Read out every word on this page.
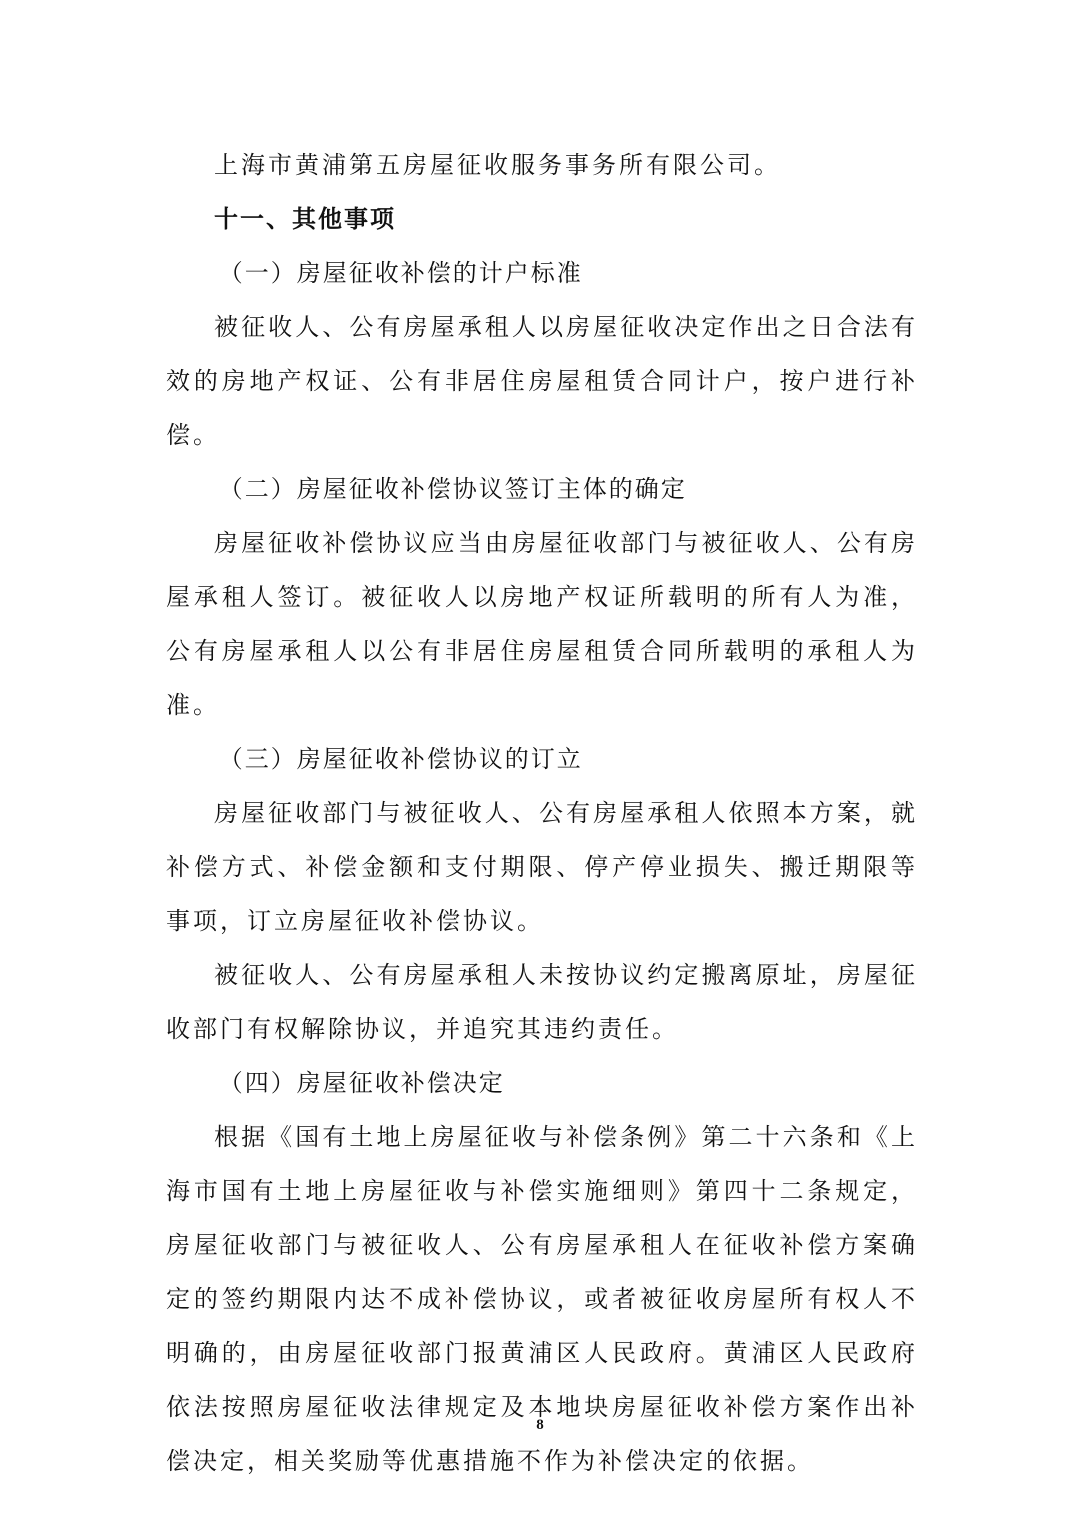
上海市黄浦第五房屋征收服务事务所有限公司。

十一、其他事项

（一）房屋征收补偿的计户标准

被征收人、公有房屋承租人以房屋征收决定作出之日合法有效的房地产权证、公有非居住房屋租赁合同计户，按户进行补偿。

（二）房屋征收补偿协议签订主体的确定

房屋征收补偿协议应当由房屋征收部门与被征收人、公有房屋承租人签订。被征收人以房地产权证所载明的所有人为准，公有房屋承租人以公有非居住房屋租赁合同所载明的承租人为准。

（三）房屋征收补偿协议的订立

房屋征收部门与被征收人、公有房屋承租人依照本方案，就补偿方式、补偿金额和支付期限、停产停业损失、搬迁期限等事项，订立房屋征收补偿协议。

被征收人、公有房屋承租人未按协议约定搬离原址，房屋征收部门有权解除协议，并追究其违约责任。

（四）房屋征收补偿决定

根据《国有土地上房屋征收与补偿条例》第二十六条和《上海市国有土地上房屋征收与补偿实施细则》第四十二条规定，房屋征收部门与被征收人、公有房屋承租人在征收补偿方案确定的签约期限内达不成补偿协议，或者被征收房屋所有权人不明确的，由房屋征收部门报黄浦区人民政府。黄浦区人民政府依法按照房屋征收法律规定及本地块房屋征收补偿方案作出补偿决定，相关奖励等优惠措施不作为补偿决定的依据。

8
